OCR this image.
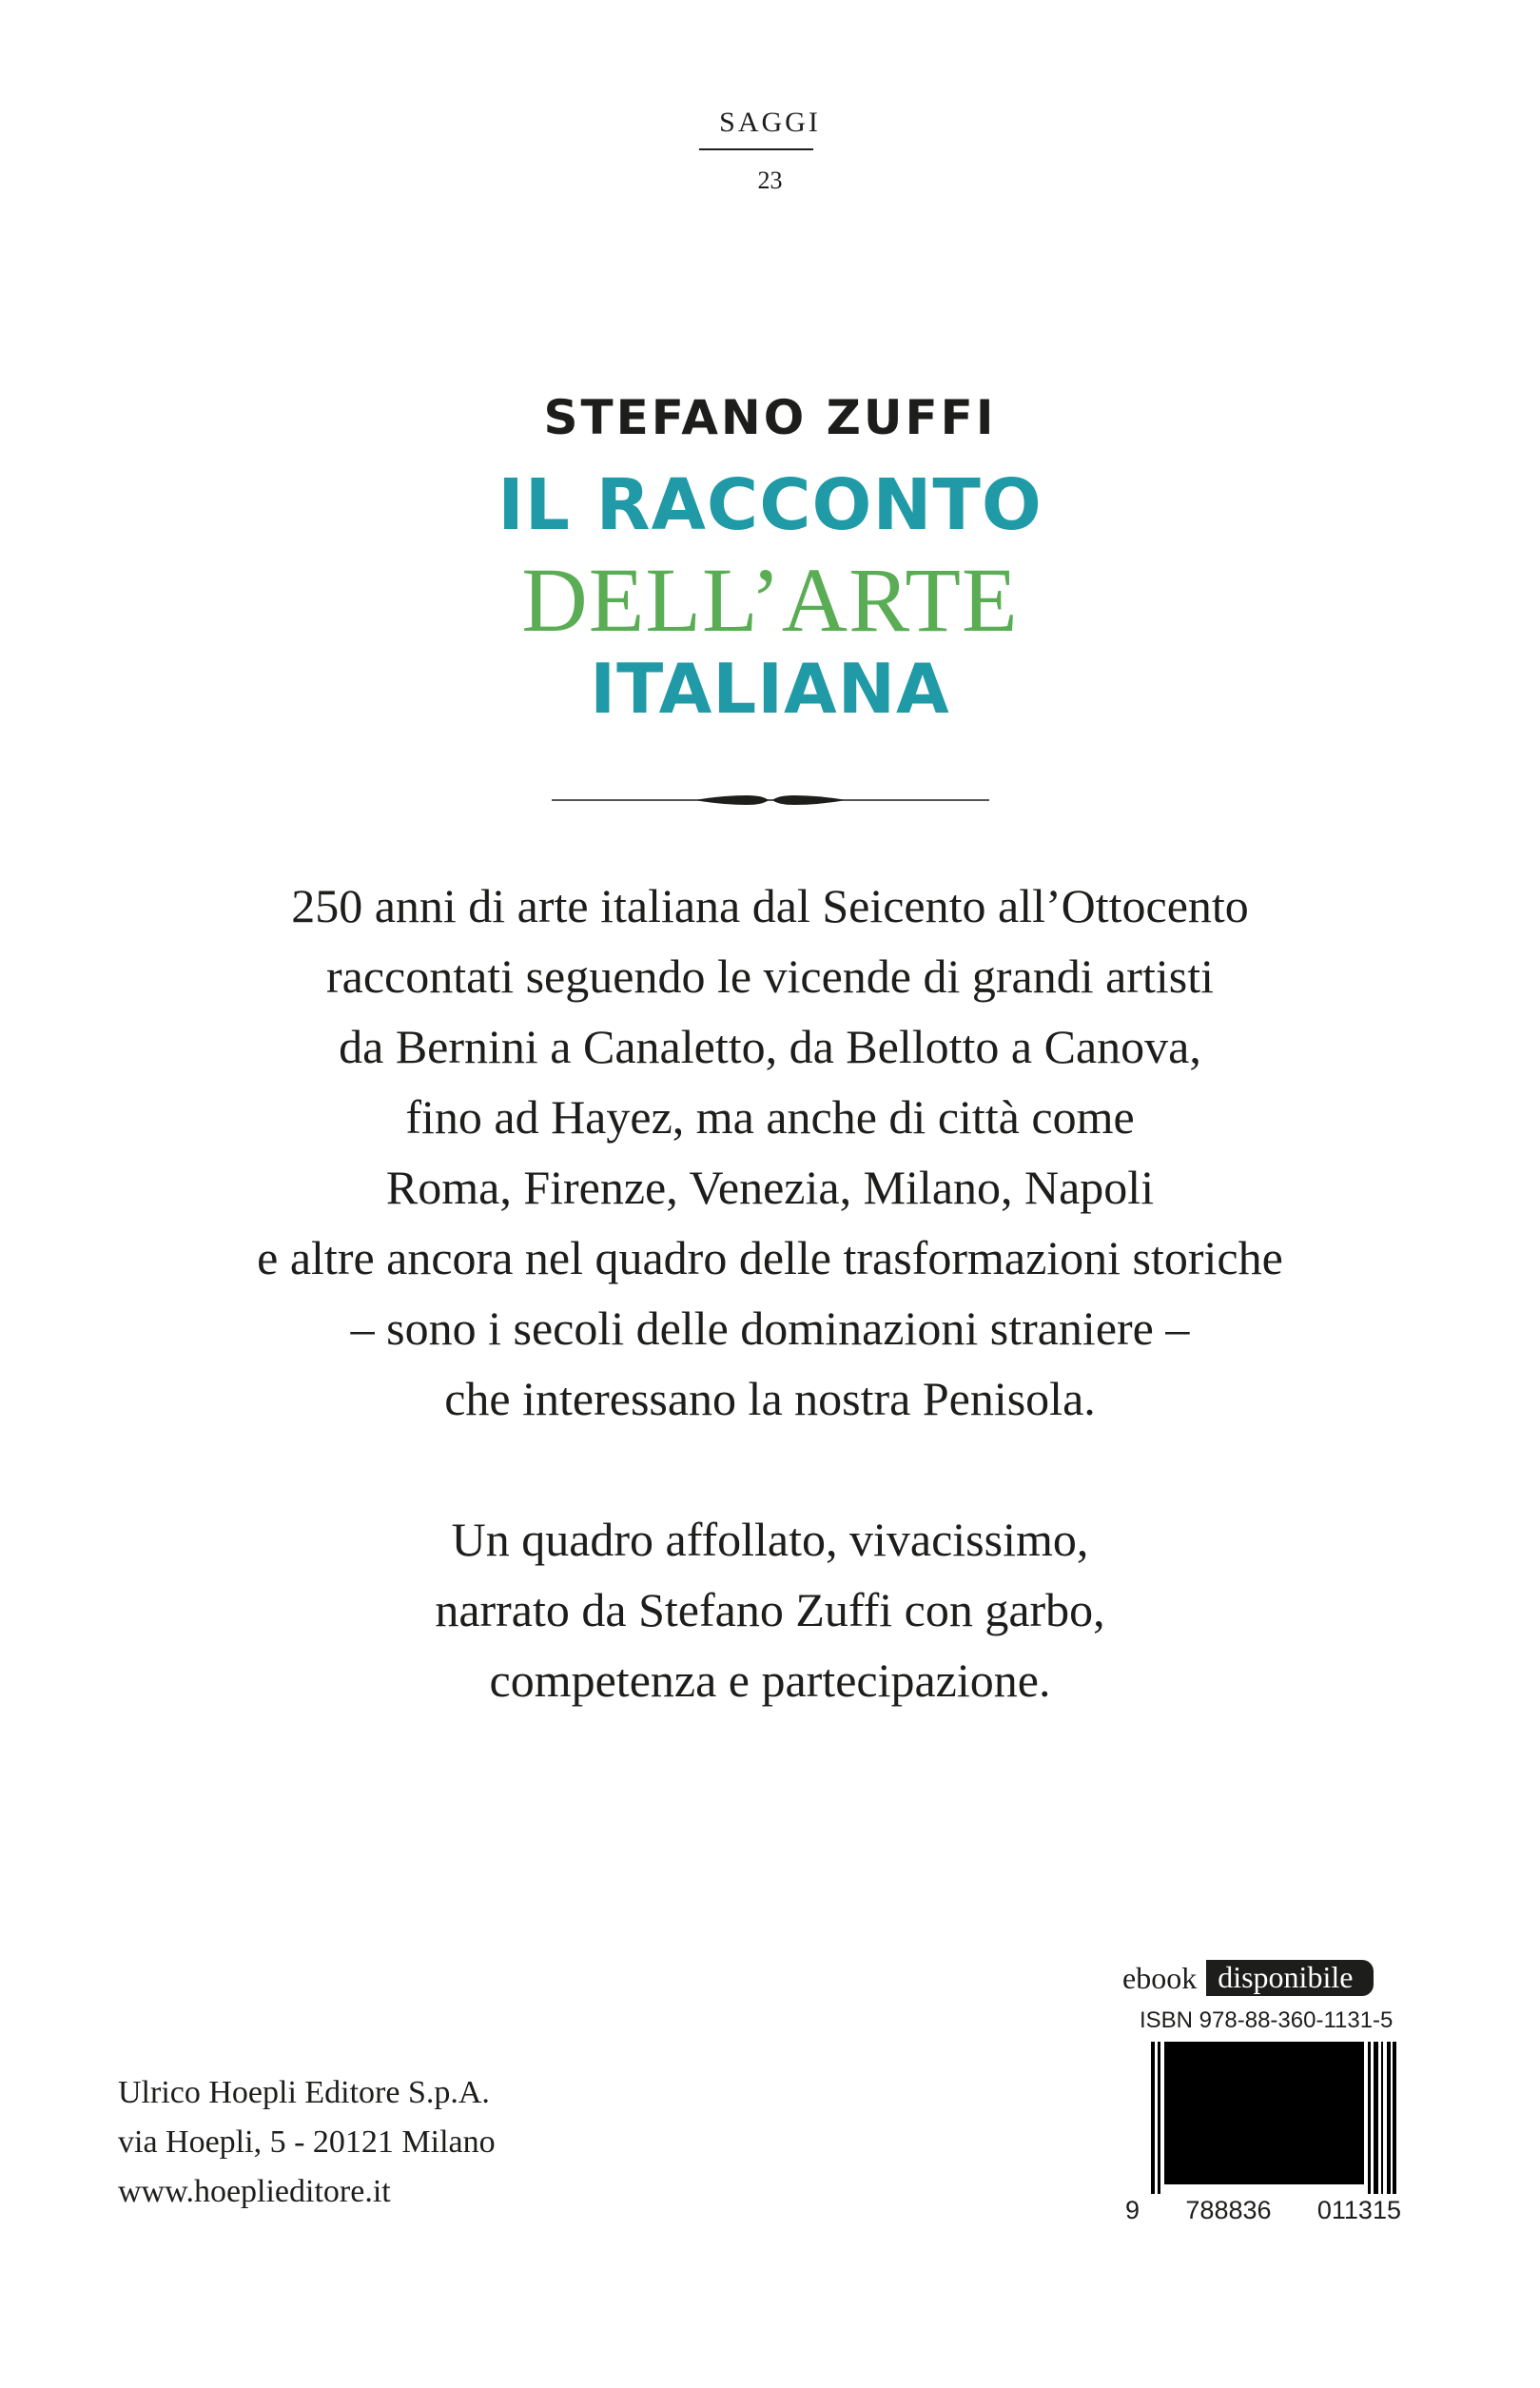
SAGGI
23
STEFANO ZUFFI
IL RACCONTO
DELL’ARTE
ITALIANA

250 anni di arte italiana dal Seicento all’Ottocento
raccontati seguendo le vicende di grandi artisti
da Bernini a Canaletto, da Bellotto a Canova,
fino ad Hayez, ma anche di città come
Roma, Firenze, Venezia, Milano, Napoli
e altre ancora nel quadro delle trasformazioni storiche
– sono i secoli delle dominazioni straniere –
che interessano la nostra Penisola.

Un quadro affollato, vivacissimo,
narrato da Stefano Zuffi con garbo,
competenza e partecipazione.

Ulrico Hoepli Editore S.p.A.
via Hoepli, 5 - 20121 Milano
www.hoeplieditore.it
ebook disponibile
ISBN 978-88-360-1131-5
9 788836 011315
